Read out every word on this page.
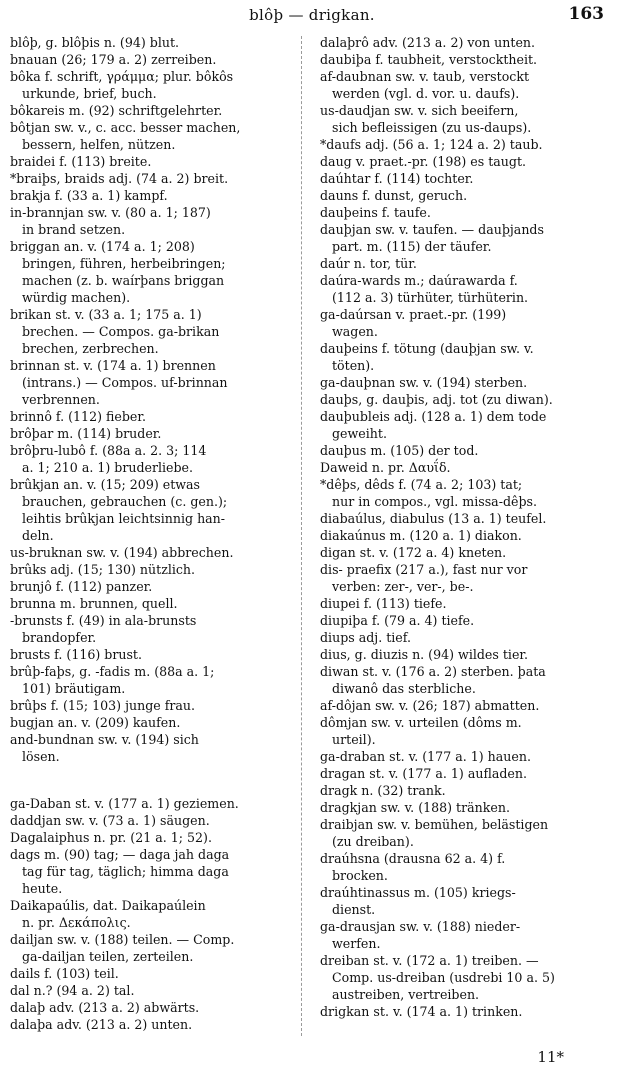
blôþ — drigkan.	163

blôþ, g. blôþis n. (94) blut.

bnauan (26; 179 a. 2) zerreiben.

bôka f. schrift, γράμμα; plur. bôkôs
urkunde, brief, buch.

bôkareis m. (92) schriftgelehrter.

bôtjan sw. v., c. acc. besser machen,
bessern, helfen, nützen.

braidei f. (113) breite.

*braiþs, braids adj. (74 a. 2) breit.

brakja f. (33 a. 1) kampf.

in-brannjan sw. v. (80 a. 1; 187)
in brand setzen.

briggan an. v. (174 a. 1; 208)
bringen, führen, herbeibringen;
machen (z. b. waírþans briggan
würdig machen).

brikan st. v. (33 a. 1; 175 a. 1)
brechen. — Compos. ga-brikan
brechen, zerbrechen.

brinnan st. v. (174 a. 1) brennen
(intrans.) — Compos. uf-brinnan
verbrennen.

brinnô f. (112) fieber.

brôþar m. (114) bruder.

brôþru-lubô f. (88a a. 2. 3; 114
a. 1; 210 a. 1) bruderliebe.

brûkjan an. v. (15; 209) etwas
brauchen, gebrauchen (c. gen.);
leihtis brûkjan leichtsinnig han-
deln.

us-bruknan sw. v. (194) abbrechen.

brûks adj. (15; 130) nützlich.

brunjô f. (112) panzer.

brunna m. brunnen, quell.

-brunsts f. (49) in ala-brunsts
brandopfer.

brusts f. (116) brust.

brûþ-faþs, g. -fadis m. (88a a. 1;
101) bräutigam.

brûþs f. (15; 103) junge frau.

bugjan an. v. (209) kaufen.

and-bundnan sw. v. (194) sich
lösen.

ga-Daban st. v. (177 a. 1) geziemen.

daddjan sw. v. (73 a. 1) säugen.

Dagalaiphus n. pr. (21 a. 1; 52).

dags m. (90) tag; — daga jah daga
tag für tag, täglich; himma daga
heute.

Daikapaúlis, dat. Daikapaúlein
n. pr. Δεκάπολις.

dailjan sw. v. (188) teilen. — Comp.
ga-dailjan teilen, zerteilen.

dails f. (103) teil.

dal n.? (94 a. 2) tal.

dalaþ adv. (213 a. 2) abwärts.

dalaþa adv. (213 a. 2) unten.

dalaþrô adv. (213 a. 2) von unten.

daubiþa f. taubheit, verstocktheit.

af-daubnan sw. v. taub, verstockt
werden (vgl. d. vor. u. daufs).

us-daudjan sw. v. sich beeifern,
sich befleissigen (zu us-daups).

*daufs adj. (56 a. 1; 124 a. 2) taub.

daug v. praet.-pr. (198) es taugt.

daúhtar f. (114) tochter.

dauns f. dunst, geruch.

dauþeins f. taufe.

dauþjan sw. v. taufen. — dauþjands
part. m. (115) der täufer.

daúr n. tor, tür.

daúra-wards m.; daúrawarda f.
(112 a. 3) türhüter, türhüterin.

ga-daúrsan v. praet.-pr. (199)
wagen.

dauþeins f. tötung (dauþjan sw. v.
töten).

ga-dauþnan sw. v. (194) sterben.

dauþs, g. dauþis, adj. tot (zu diwan).

dauþubleis adj. (128 a. 1) dem tode
geweiht.

dauþus m. (105) der tod.

Daweid n. pr. Δαυΐδ.

*dêþs, dêds f. (74 a. 2; 103) tat;
nur in compos., vgl. missa-dêþs.

diabaúlus, diabulus (13 a. 1) teufel.

diakaúnus m. (120 a. 1) diakon.

digan st. v. (172 a. 4) kneten.

dis- praefix (217 a.), fast nur vor
verben: zer-, ver-, be-.

diupei f. (113) tiefe.

diupiþa f. (79 a. 4) tiefe.

diups adj. tief.

dius, g. diuzis n. (94) wildes tier.

diwan st. v. (176 a. 2) sterben. þata
diwanô das sterbliche.

af-dôjan sw. v. (26; 187) abmatten.

dômjan sw. v. urteilen (dôms m.
urteil).

ga-draban st. v. (177 a. 1) hauen.

dragan st. v. (177 a. 1) aufladen.

dragk n. (32) trank.

dragkjan sw. v. (188) tränken.

draibjan sw. v. bemühen, belästigen
(zu dreiban).

draúhsna (drausna 62 a. 4) f.
brocken.

draúhtinassus m. (105) kriegs-
dienst.

ga-drausjan sw. v. (188) nieder-
werfen.

dreiban st. v. (172 a. 1) treiben. —
Comp. us-dreiban (usdrebi 10 a. 5)
austreiben, vertreiben.

drigkan st. v. (174 a. 1) trinken.

11*
